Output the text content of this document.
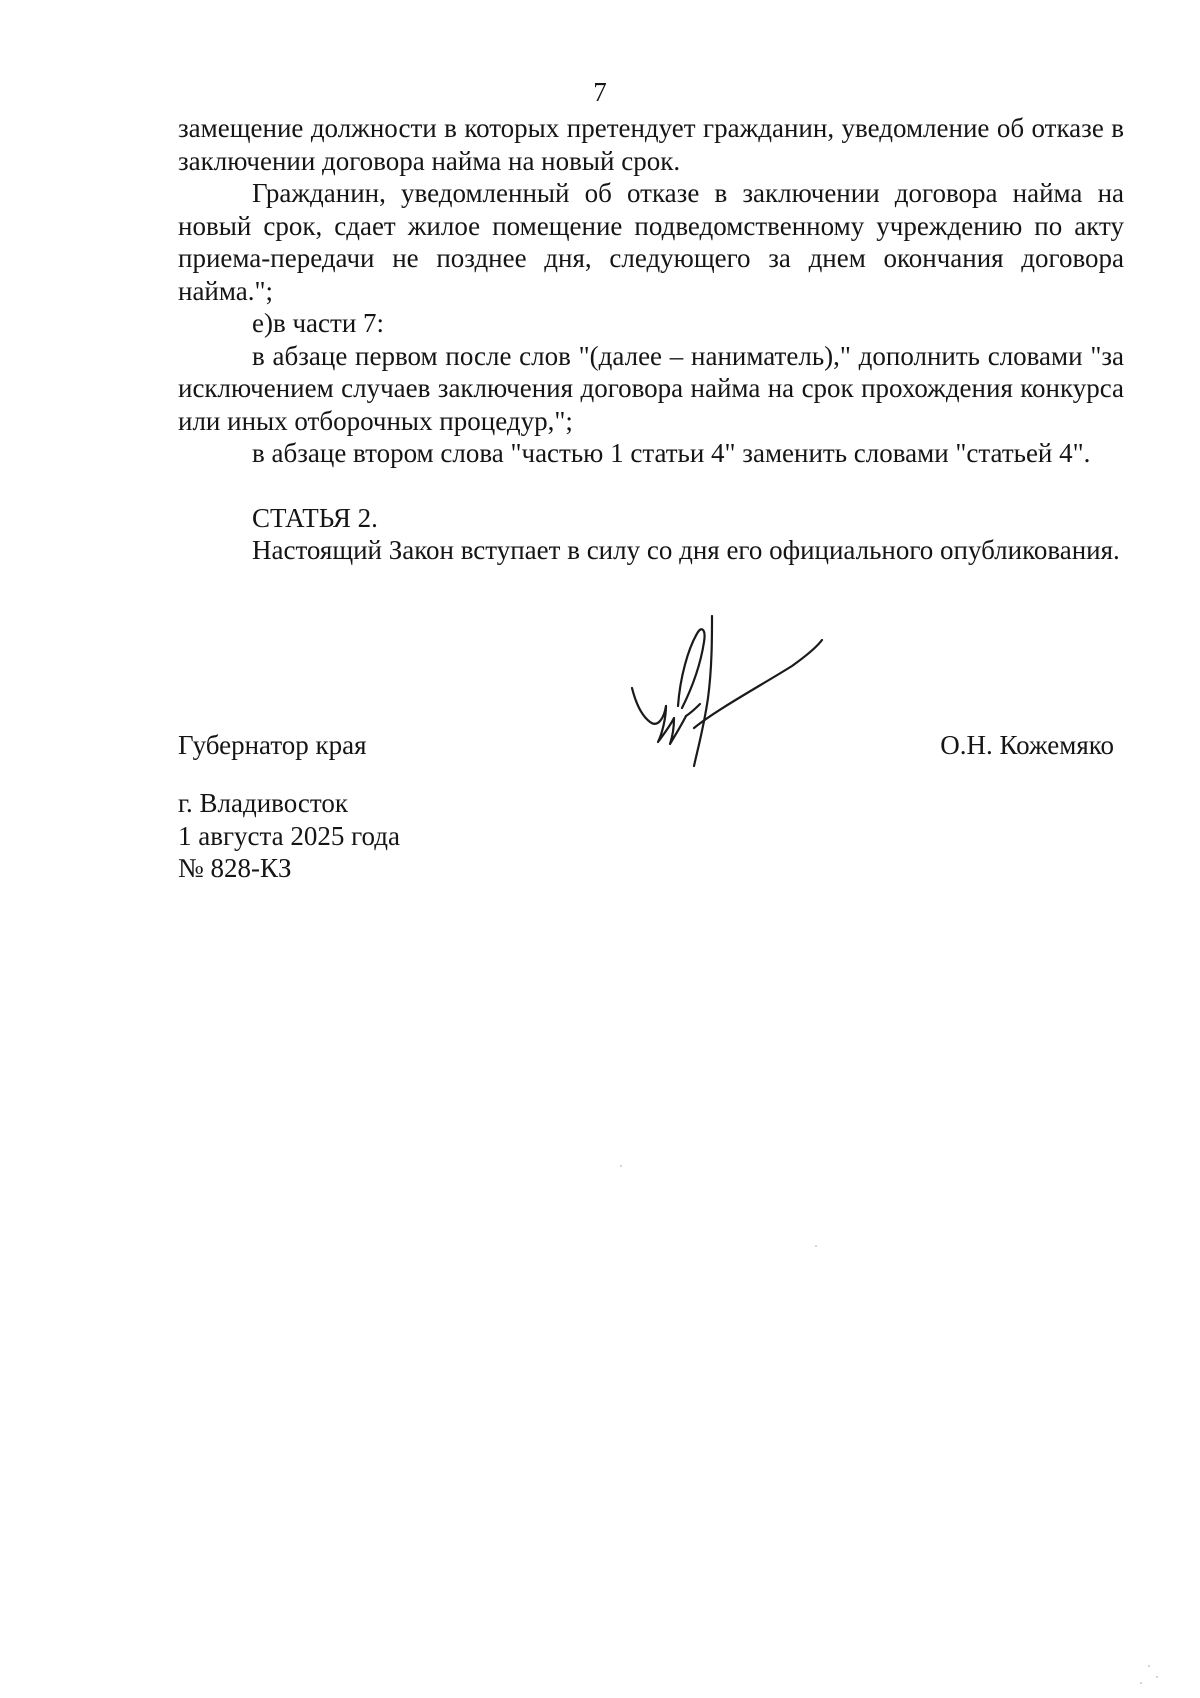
7

замещение должности в которых претендует гражданин, уведомление об отказе в заключении договора найма на новый срок.

Гражданин, уведомленный об отказе в заключении договора найма на новый срок, сдает жилое помещение подведомственному учреждению по акту приема-передачи не позднее дня, следующего за днем окончания договора найма.";

е)в части 7:

в абзаце первом после слов "(далее – наниматель)," дополнить словами "за исключением случаев заключения договора найма на срок прохождения конкурса или иных отборочных процедур,";

в абзаце втором слова "частью 1 статьи 4" заменить словами "статьей 4".

СТАТЬЯ 2.

Настоящий Закон вступает в силу со дня его официального опубликования.

Губернатор края	О.Н. Кожемяко
г. Владивосток
1 августа 2025 года
№ 828-КЗ
